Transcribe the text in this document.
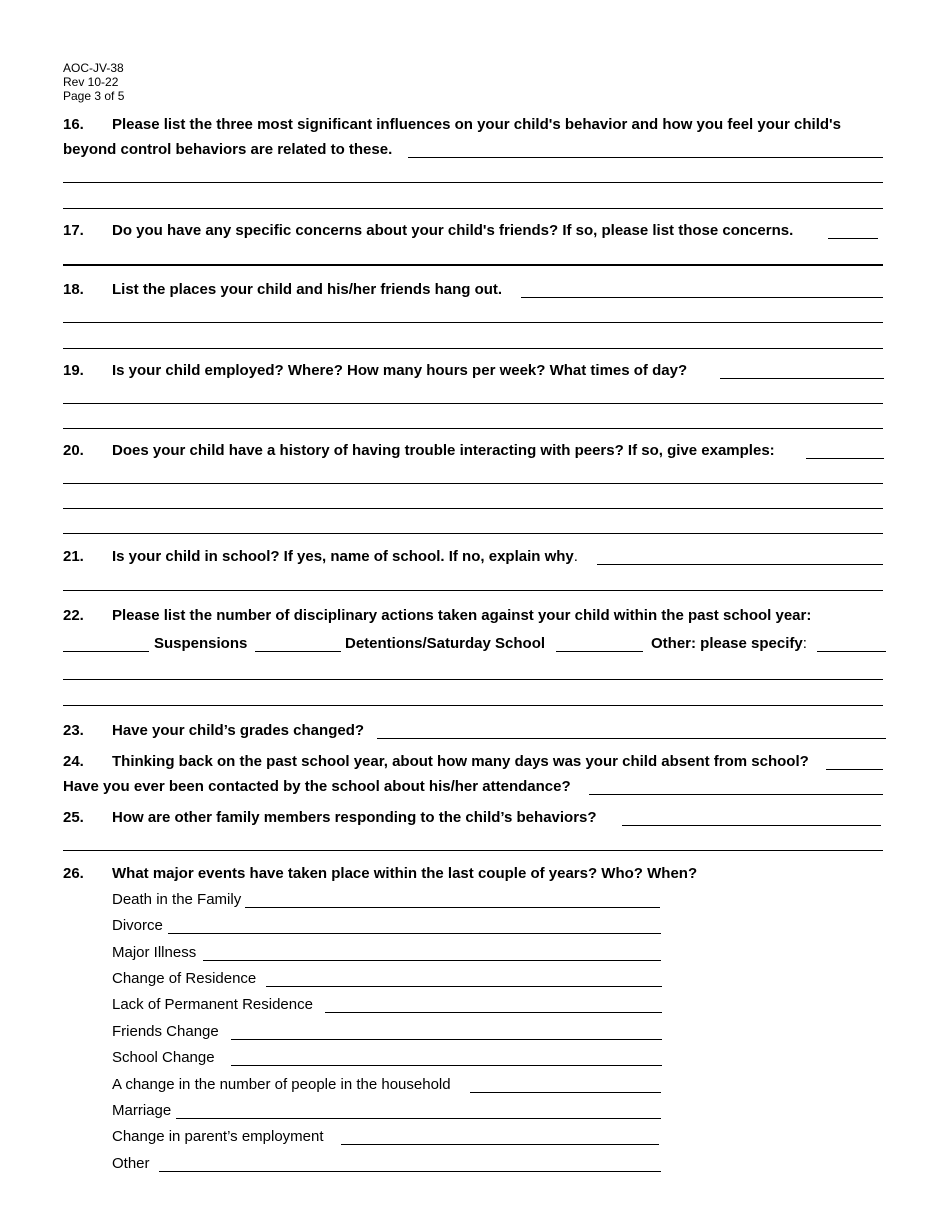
AOC-JV-38
Rev 10-22
Page 3 of 5
16. Please list the three most significant influences on your child's behavior and how you feel your child's
beyond control behaviors are related to these.
17. Do you have any specific concerns about your child's friends? If so, please list those concerns.
18. List the places your child and his/her friends hang out.
19. Is your child employed? Where? How many hours per week? What times of day?
20. Does your child have a history of having trouble interacting with peers? If so, give examples:
21. Is your child in school? If yes, name of school. If no, explain why.
22. Please list the number of disciplinary actions taken against your child within the past school year:
Suspensions	Detentions/Saturday School	Other: please specify:
23. Have your child’s grades changed?
24. Thinking back on the past school year, about how many days was your child absent from school?
Have you ever been contacted by the school about his/her attendance?
25. How are other family members responding to the child’s behaviors?
26. What major events have taken place within the last couple of years? Who? When?
Death in the Family
Divorce
Major Illness
Change of Residence
Lack of Permanent Residence
Friends Change
School Change
A change in the number of people in the household
Marriage
Change in parent’s employment
Other
